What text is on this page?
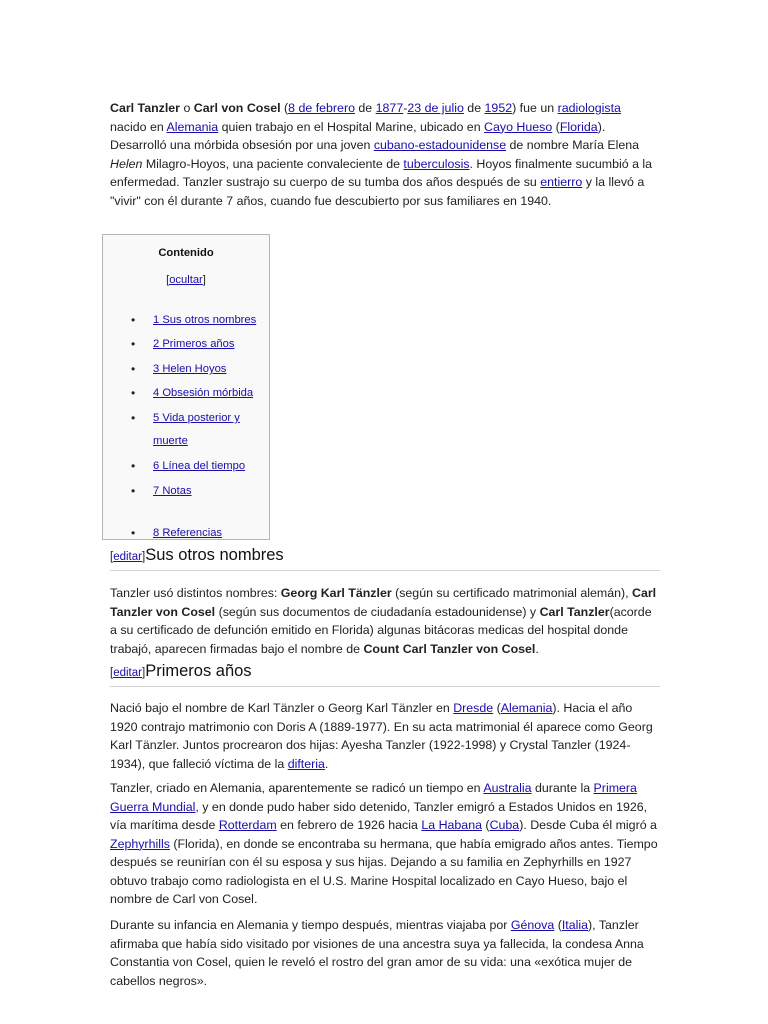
Carl Tanzler o Carl von Cosel (8 de febrero de 1877-23 de julio de 1952) fue un radiologista nacido en Alemania quien trabajo en el Hospital Marine, ubicado en Cayo Hueso (Florida). Desarrolló una mórbida obsesión por una joven cubano-estadounidense de nombre María Elena Helen Milagro-Hoyos, una paciente convaleciente de tuberculosis. Hoyos finalmente sucumbió a la enfermedad. Tanzler sustrajo su cuerpo de su tumba dos años después de su entierro y la llevó a "vivir" con él durante 7 años, cuando fue descubierto por sus familiares en 1940.

Contenido
[ocultar]
• 1 Sus otros nombres
• 2 Primeros años
• 3 Helen Hoyos
• 4 Obsesión mórbida
• 5 Vida posterior y muerte
• 6 Línea del tiempo
• 7 Notas
• 8 Referencias
[editar]Sus otros nombres

Tanzler usó distintos nombres: Georg Karl Tänzler (según su certificado matrimonial alemán), Carl Tanzler von Cosel (según sus documentos de ciudadanía estadounidense) y Carl Tanzler(acorde a su certificado de defunción emitido en Florida) algunas bitácoras medicas del hospital donde trabajó, aparecen firmadas bajo el nombre de Count Carl Tanzler von Cosel.

[editar]Primeros años

Nació bajo el nombre de Karl Tänzler o Georg Karl Tänzler en Dresde (Alemania). Hacia el año 1920 contrajo matrimonio con Doris A (1889-1977). En su acta matrimonial él aparece como Georg Karl Tänzler. Juntos procrearon dos hijas: Ayesha Tanzler (1922-1998) y Crystal Tanzler (1924-1934), que falleció víctima de la difteria.

Tanzler, criado en Alemania, aparentemente se radicó un tiempo en Australia durante la Primera Guerra Mundial, y en donde pudo haber sido detenido, Tanzler emigró a Estados Unidos en 1926, vía marítima desde Rotterdam en febrero de 1926 hacia La Habana (Cuba). Desde Cuba él migró a Zephyrhills (Florida), en donde se encontraba su hermana, que había emigrado años antes. Tiempo después se reunirían con él su esposa y sus hijas. Dejando a su familia en Zephyrhills en 1927 obtuvo trabajo como radiologista en el U.S. Marine Hospital localizado en Cayo Hueso, bajo el nombre de Carl von Cosel.

Durante su infancia en Alemania y tiempo después, mientras viajaba por Génova (Italia), Tanzler afirmaba que había sido visitado por visiones de una ancestra suya ya fallecida, la condesa Anna Constantia von Cosel, quien le reveló el rostro del gran amor de su vida: una «exótica mujer de cabellos negros».
